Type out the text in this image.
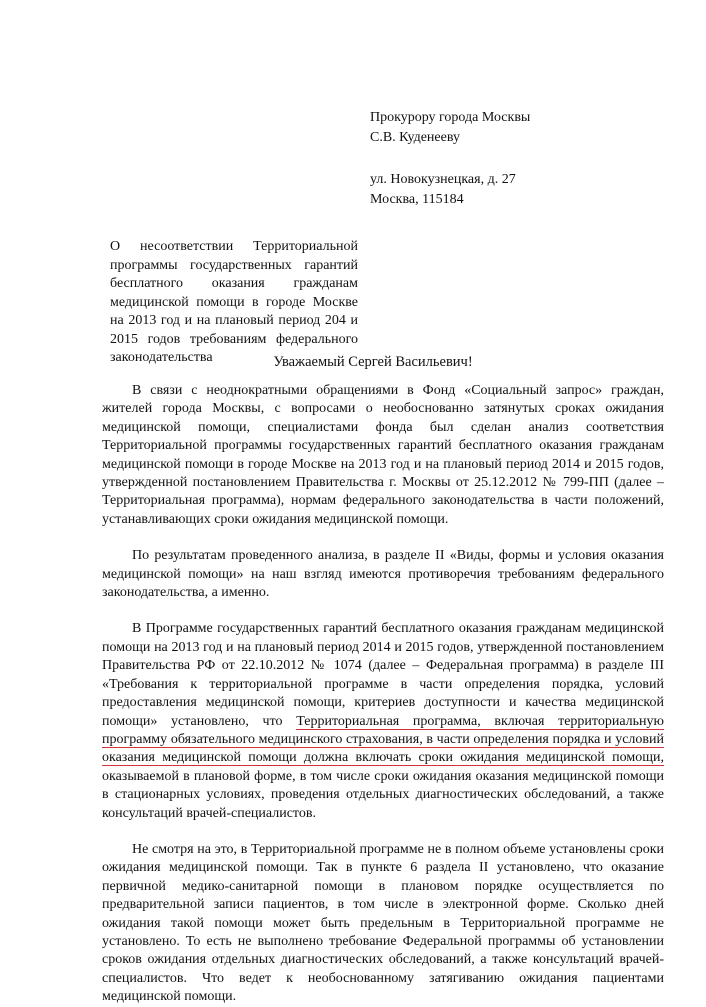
Прокурору города Москвы
С.В. Куденееву
ул. Новокузнецкая, д. 27
Москва, 115184
О несоответствии Территориальной программы государственных гарантий бесплатного оказания гражданам медицинской помощи в городе Москве на 2013 год и на плановый период 204 и 2015 годов требованиям федерального законодательства	Уважаемый Сергей Васильевич!

В связи с неоднократными обращениями в Фонд «Социальный запрос» граждан, жителей города Москвы, с вопросами о необоснованно затянутых сроках ожидания медицинской помощи, специалистами фонда был сделан анализ соответствия Территориальной программы государственных гарантий бесплатного оказания гражданам медицинской помощи в городе Москве на 2013 год и на плановый период 2014 и 2015 годов, утвержденной постановлением Правительства г. Москвы от 25.12.2012 № 799-ПП (далее –Территориальная программа), нормам федерального законодательства в части положений, устанавливающих сроки ожидания медицинской помощи.

По результатам проведенного анализа, в разделе II «Виды, формы и условия оказания медицинской помощи» на наш взгляд имеются противоречия требованиям федерального законодательства, а именно.

В Программе государственных гарантий бесплатного оказания гражданам медицинской помощи на 2013 год и на плановый период 2014 и 2015 годов, утвержденной постановлением Правительства РФ от 22.10.2012 № 1074 (далее – Федеральная программа) в разделе III «Требования к территориальной программе в части определения порядка, условий предоставления медицинской помощи, критериев доступности и качества медицинской помощи» установлено, что Территориальная программа, включая территориальную программу обязательного медицинского страхования, в части определения порядка и условий оказания медицинской помощи должна включать сроки ожидания медицинской помощи, оказываемой в плановой форме, в том числе сроки ожидания оказания медицинской помощи в стационарных условиях, проведения отдельных диагностических обследований, а также консультаций врачей-специалистов.

Не смотря на это, в Территориальной программе не в полном объеме установлены сроки ожидания медицинской помощи. Так в пункте 6 раздела II установлено, что оказание первичной медико-санитарной помощи в плановом порядке осуществляется по предварительной записи пациентов, в том числе в электронной форме. Сколько дней ожидания такой помощи может быть предельным в Территориальной программе не установлено. То есть не выполнено требование Федеральной программы об установлении сроков ожидания отдельных диагностических обследований, а также консультаций врачей-специалистов. Что ведет к необоснованному затягиванию ожидания пациентами медицинской помощи.
